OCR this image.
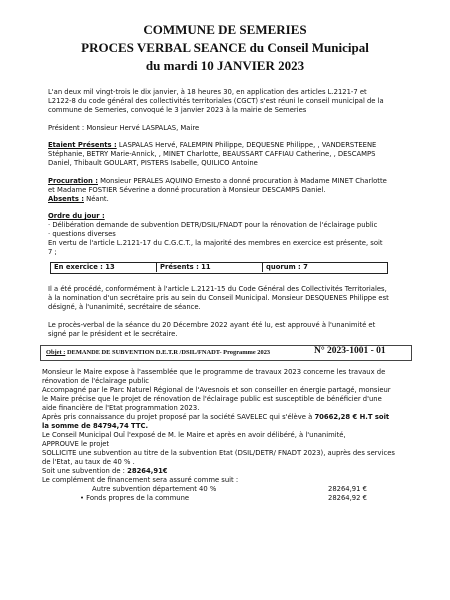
COMMUNE DE SEMERIES
PROCES VERBAL SEANCE du Conseil Municipal
du mardi 10 JANVIER 2023
L'an deux mil vingt-trois le dix janvier, à 18 heures 30, en application des articles L.2121-7 et
L2122-8 du code général des collectivités territoriales (CGCT) s'est réuni le conseil municipal de la
commune de Semeries, convoqué le 3 janvier 2023 à la mairie de Semeries
Président : Monsieur Hervé LASPALAS, Maire
Etaient Présents : LASPALAS Hervé, FALEMPIN Philippe, DEQUESNE Philippe, , VANDERSTEENE
Stéphanie, BETRY Marie-Annick, , MINET Charlotte, BEAUSSART CAFFIAU Catherine, , DESCAMPS
Daniel, Thibault GOULART, PISTERS Isabelle, QUILICO Antoine
Procuration : Monsieur PERALES AQUINO Ernesto a donné procuration à Madame MINET Charlotte
et Madame FOSTIER Séverine a donné procuration à Monsieur DESCAMPS Daniel.
Absents : Néant.
Ordre du jour :
· Délibération demande de subvention DETR/DSIL/FNADT pour la rénovation de l'éclairage public
· questions diverses
En vertu de l'article L.2121-17 du C.G.C.T., la majorité des membres en exercice est présente, soit
7 ;
En exercice : 13	Présents : 11	quorum : 7
Il a été procédé, conformément à l'article L.2121-15 du Code Général des Collectivités Territoriales,
à la nomination d'un secrétaire pris au sein du Conseil Municipal. Monsieur DESQUENES Philippe est
désigné, à l'unanimité, secrétaire de séance.
Le procès-verbal de la séance du 20 Décembre 2022 ayant été lu, est approuvé à l'unanimité et
signé par le président et le secrétaire.
Objet : DEMANDE DE SUBVENTION D.E.T.R /DSIL/FNADT- Programme 2023	N° 2023-1001 - 01
Monsieur le Maire expose à l'assemblée que le programme de travaux 2023 concerne les travaux de
rénovation de l'éclairage public
Accompagné par le Parc Naturel Régional de l'Avesnois et son conseiller en énergie partagé, monsieur
le Maire précise que le projet de rénovation de l'éclairage public est susceptible de bénéficier d'une
aide financière de l'Etat programmation 2023.
Après pris connaissance du projet proposé par la société SAVELEC qui s'élève à 70662,28 € H.T soit
la somme de 84794,74 TTC.
Le Conseil Municipal Ouï l'exposé de M. le Maire et après en avoir délibéré, à l'unanimité,
APPROUVE le projet
SOLLICITE une subvention au titre de la subvention Etat (DSIL/DETR/ FNADT 2023), auprès des services
de l'Etat, au taux de 40 % .
Soit une subvention de : 28264,91€
Le complément de financement sera assuré comme suit :
Autre subvention département 40 %	28264,91 €
• Fonds propres de la commune	28264,92 €
